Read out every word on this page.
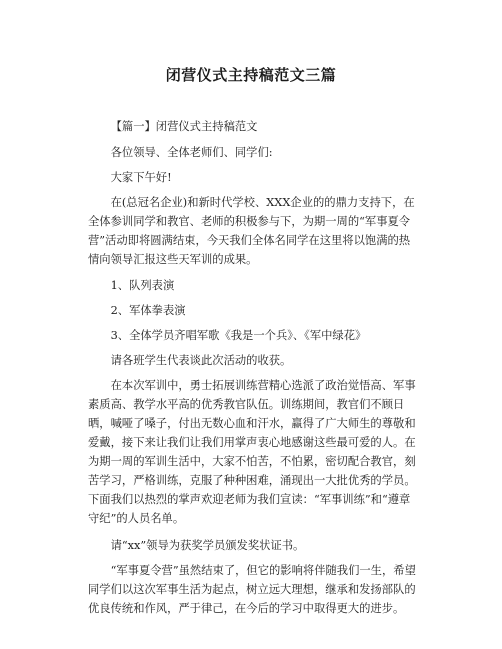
闭营仪式主持稿范文三篇

【篇一】闭营仪式主持稿范文

各位领导、全体老师们、同学们:

大家下午好!

在(总冠名企业)和新时代学校、XXX企业的的鼎力支持下，在全体参训同学和教官、老师的积极参与下，为期一周的“军事夏令营”活动即将圆满结束，今天我们全体名同学在这里将以饱满的热情向领导汇报这些天军训的成果。

1、队列表演

2、军体拳表演

3、全体学员齐唱军歌《我是一个兵》、《军中绿花》

请各班学生代表谈此次活动的收获。

在本次军训中，勇士拓展训练营精心选派了政治觉悟高、军事素质高、教学水平高的优秀教官队伍。训练期间，教官们不顾日晒，喊哑了嗓子，付出无数心血和汗水，赢得了广大师生的尊敬和爱戴，接下来让我们让我们用掌声衷心地感谢这些最可爱的人。在为期一周的军训生活中，大家不怕苦，不怕累，密切配合教官，刻苦学习，严格训练，克服了种种困难，涌现出一大批优秀的学员。下面我们以热烈的掌声欢迎老师为我们宣读：“军事训练”和“遵章守纪”的人员名单。

请“xx”领导为获奖学员颁发奖状证书。

“军事夏令营”虽然结束了，但它的影响将伴随我们一生，希望同学们以这次军事生活为起点，树立远大理想，继承和发扬部队的优良传统和作风，严于律己，在今后的学习中取得更大的进步。
